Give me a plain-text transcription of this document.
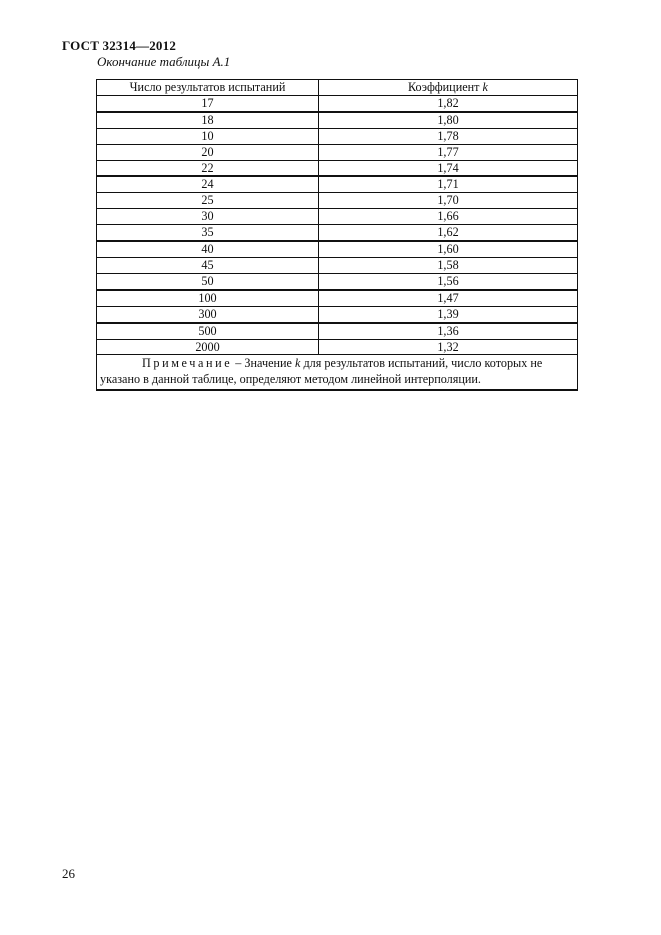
ГОСТ 32314—2012
Окончание таблицы А.1
Число результатов испытаний	Коэффициент k
17	1,82
18	1,80
10	1,78
20	1,77
22	1,74
24	1,71
25	1,70
30	1,66
35	1,62
40	1,60
45	1,58
50	1,56
100	1,47
300	1,39
500	1,36
2000	1,32
Примечание – Значение k для результатов испытаний, число которых не указано в данной таблице, определяют методом линейной интерполяции.	
26
